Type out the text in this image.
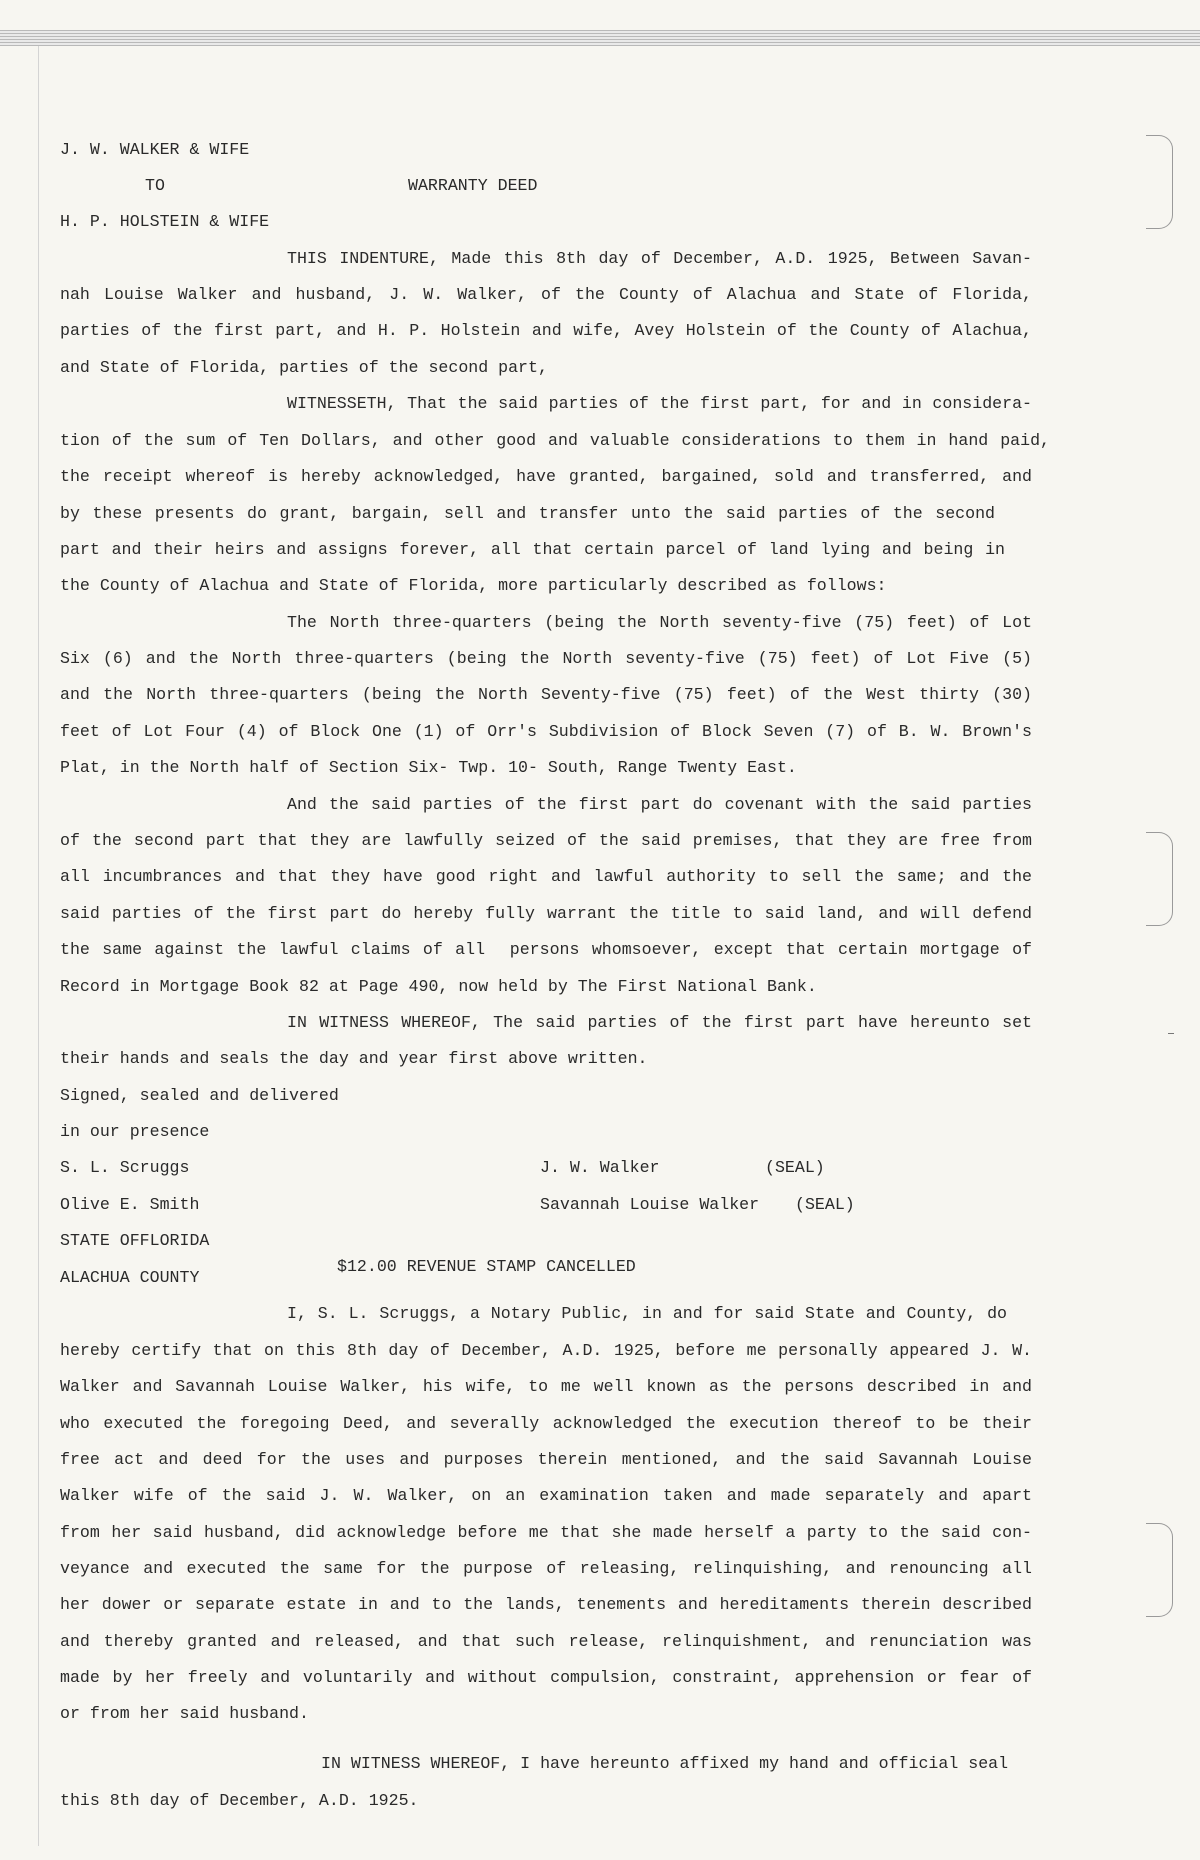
J. W. WALKER & WIFE
TO	WARRANTY DEED
H. P. HOLSTEIN & WIFE
THIS INDENTURE, Made this 8th day of December, A.D. 1925, Between Savan-
nah Louise Walker and husband, J. W. Walker, of the County of Alachua and State of Florida,
parties of the first part, and H. P. Holstein and wife, Avey Holstein of the County of Alachua,
and State of Florida, parties of the second part,
WITNESSETH, That the said parties of the first part, for and in considera-
tion of the sum of Ten Dollars, and other good and valuable considerations to them in hand paid,
the receipt whereof is hereby acknowledged, have granted, bargained, sold and transferred, and
by these presents do grant, bargain, sell and transfer unto the said parties of the second
part and their heirs and assigns forever, all that certain parcel of land lying and being in
the County of Alachua and State of Florida, more particularly described as follows:
The North three-quarters (being the North seventy-five (75) feet) of Lot
Six (6) and the North three-quarters (being the North seventy-five (75) feet) of Lot Five (5)
and the North three-quarters (being the North Seventy-five (75) feet) of the West thirty (30)
feet of Lot Four (4) of Block One (1) of Orr's Subdivision of Block Seven (7) of B. W. Brown's
Plat, in the North half of Section Six- Twp. 10- South, Range Twenty East.
And the said parties of the first part do covenant with the said parties
of the second part that they are lawfully seized of the said premises, that they are free from
all incumbrances and that they have good right and lawful authority to sell the same; and the
said parties of the first part do hereby fully warrant the title to said land, and will defend
the same against the lawful claims of all  persons whomsoever, except that certain mortgage of
Record in Mortgage Book 82 at Page 490, now held by The First National Bank.
IN WITNESS WHEREOF, The said parties of the first part have hereunto set
their hands and seals the day and year first above written.
Signed, sealed and delivered
in our presence
S. L. Scruggs	J. W. Walker	(SEAL)
Olive E. Smith	Savannah Louise Walker (SEAL)
STATE OFFLORIDA
$12.00 REVENUE STAMP CANCELLED
ALACHUA COUNTY
I, S. L. Scruggs, a Notary Public, in and for said State and County, do
hereby certify that on this 8th day of December, A.D. 1925, before me personally appeared J. W.
Walker and Savannah Louise Walker, his wife, to me well known as the persons described in and
who executed the foregoing Deed, and severally acknowledged the execution thereof to be their
free act and deed for the uses and purposes therein mentioned, and the said Savannah Louise
Walker wife of the said J. W. Walker, on an examination taken and made separately and apart
from her said husband, did acknowledge before me that she made herself a party to the said con-
veyance and executed the same for the purpose of releasing, relinquishing, and renouncing all
her dower or separate estate in and to the lands, tenements and hereditaments therein described
and thereby granted and released, and that such release, relinquishment, and renunciation was
made by her freely and voluntarily and without compulsion, constraint, apprehension or fear of
or from her said husband.
IN WITNESS WHEREOF, I have hereunto affixed my hand and official seal
this 8th day of December, A.D. 1925.
